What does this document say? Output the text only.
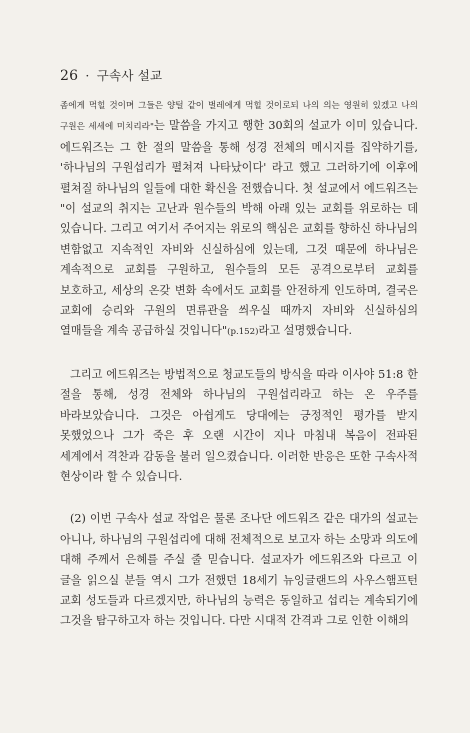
26 · 구속사 설교

좀에게 먹힐 것이며 그들은 양털 같이 벌레에게 먹힐 것이로되 나의 의는 영원히 있겠고 나의 구원은 세세에 미치리라"는 말씀을 가지고 행한 30회의 설교가 이미 있습니다. 에드워즈는 그 한 절의 말씀을 통해 성경 전체의 메시지를 집약하기를, '하나님의 구원섭리가 펼쳐져 나타났이다' 라고 했고 그러하기에 이후에 펼쳐질 하나님의 일들에 대한 확신을 전했습니다. 첫 설교에서 에드워즈는 "이 설교의 취지는 고난과 원수들의 박해 아래 있는 교회를 위로하는 데 있습니다. 그리고 여기서 주어지는 위로의 핵심은 교회를 향하신 하나님의 변함없고 지속적인 자비와 신실하심에 있는데, 그것 때문에 하나님은 계속적으로 교회를 구원하고, 원수들의 모든 공격으로부터 교회를 보호하고, 세상의 온갖 변화 속에서도 교회를 안전하게 인도하며, 결국은 교회에 승리와 구원의 면류관을 씌우실 때까지 자비와 신실하심의 열매들을 계속 공급하실 것입니다"(p.152)라고 설명했습니다.

그리고 에드워즈는 방법적으로 청교도들의 방식을 따라 이사야 51:8 한 절을 통해, 성경 전체와 하나님의 구원섭리라고 하는 온 우주를 바라보았습니다. 그것은 아쉽게도 당대에는 긍정적인 평가를 받지 못했었으나 그가 죽은 후 오랜 시간이 지나 마침내 복음이 전파된 세계에서 격찬과 감동을 불러 일으켰습니다. 이러한 반응은 또한 구속사적 현상이라 할 수 있습니다.

(2) 이번 구속사 설교 작업은 물론 조나단 에드워즈 같은 대가의 설교는 아니나, 하나님의 구원섭리에 대해 전체적으로 보고자 하는 소망과 의도에 대해 주께서 은혜를 주실 줄 믿습니다. 설교자가 에드워즈와 다르고 이 글을 읽으실 분들 역시 그가 전했던 18세기 뉴잉글랜드의 사우스햄프턴 교회 성도들과 다르겠지만, 하나님의 능력은 동일하고 섭리는 계속되기에 그것을 탐구하고자 하는 것입니다. 다만 시대적 간격과 그로 인한 이해의
